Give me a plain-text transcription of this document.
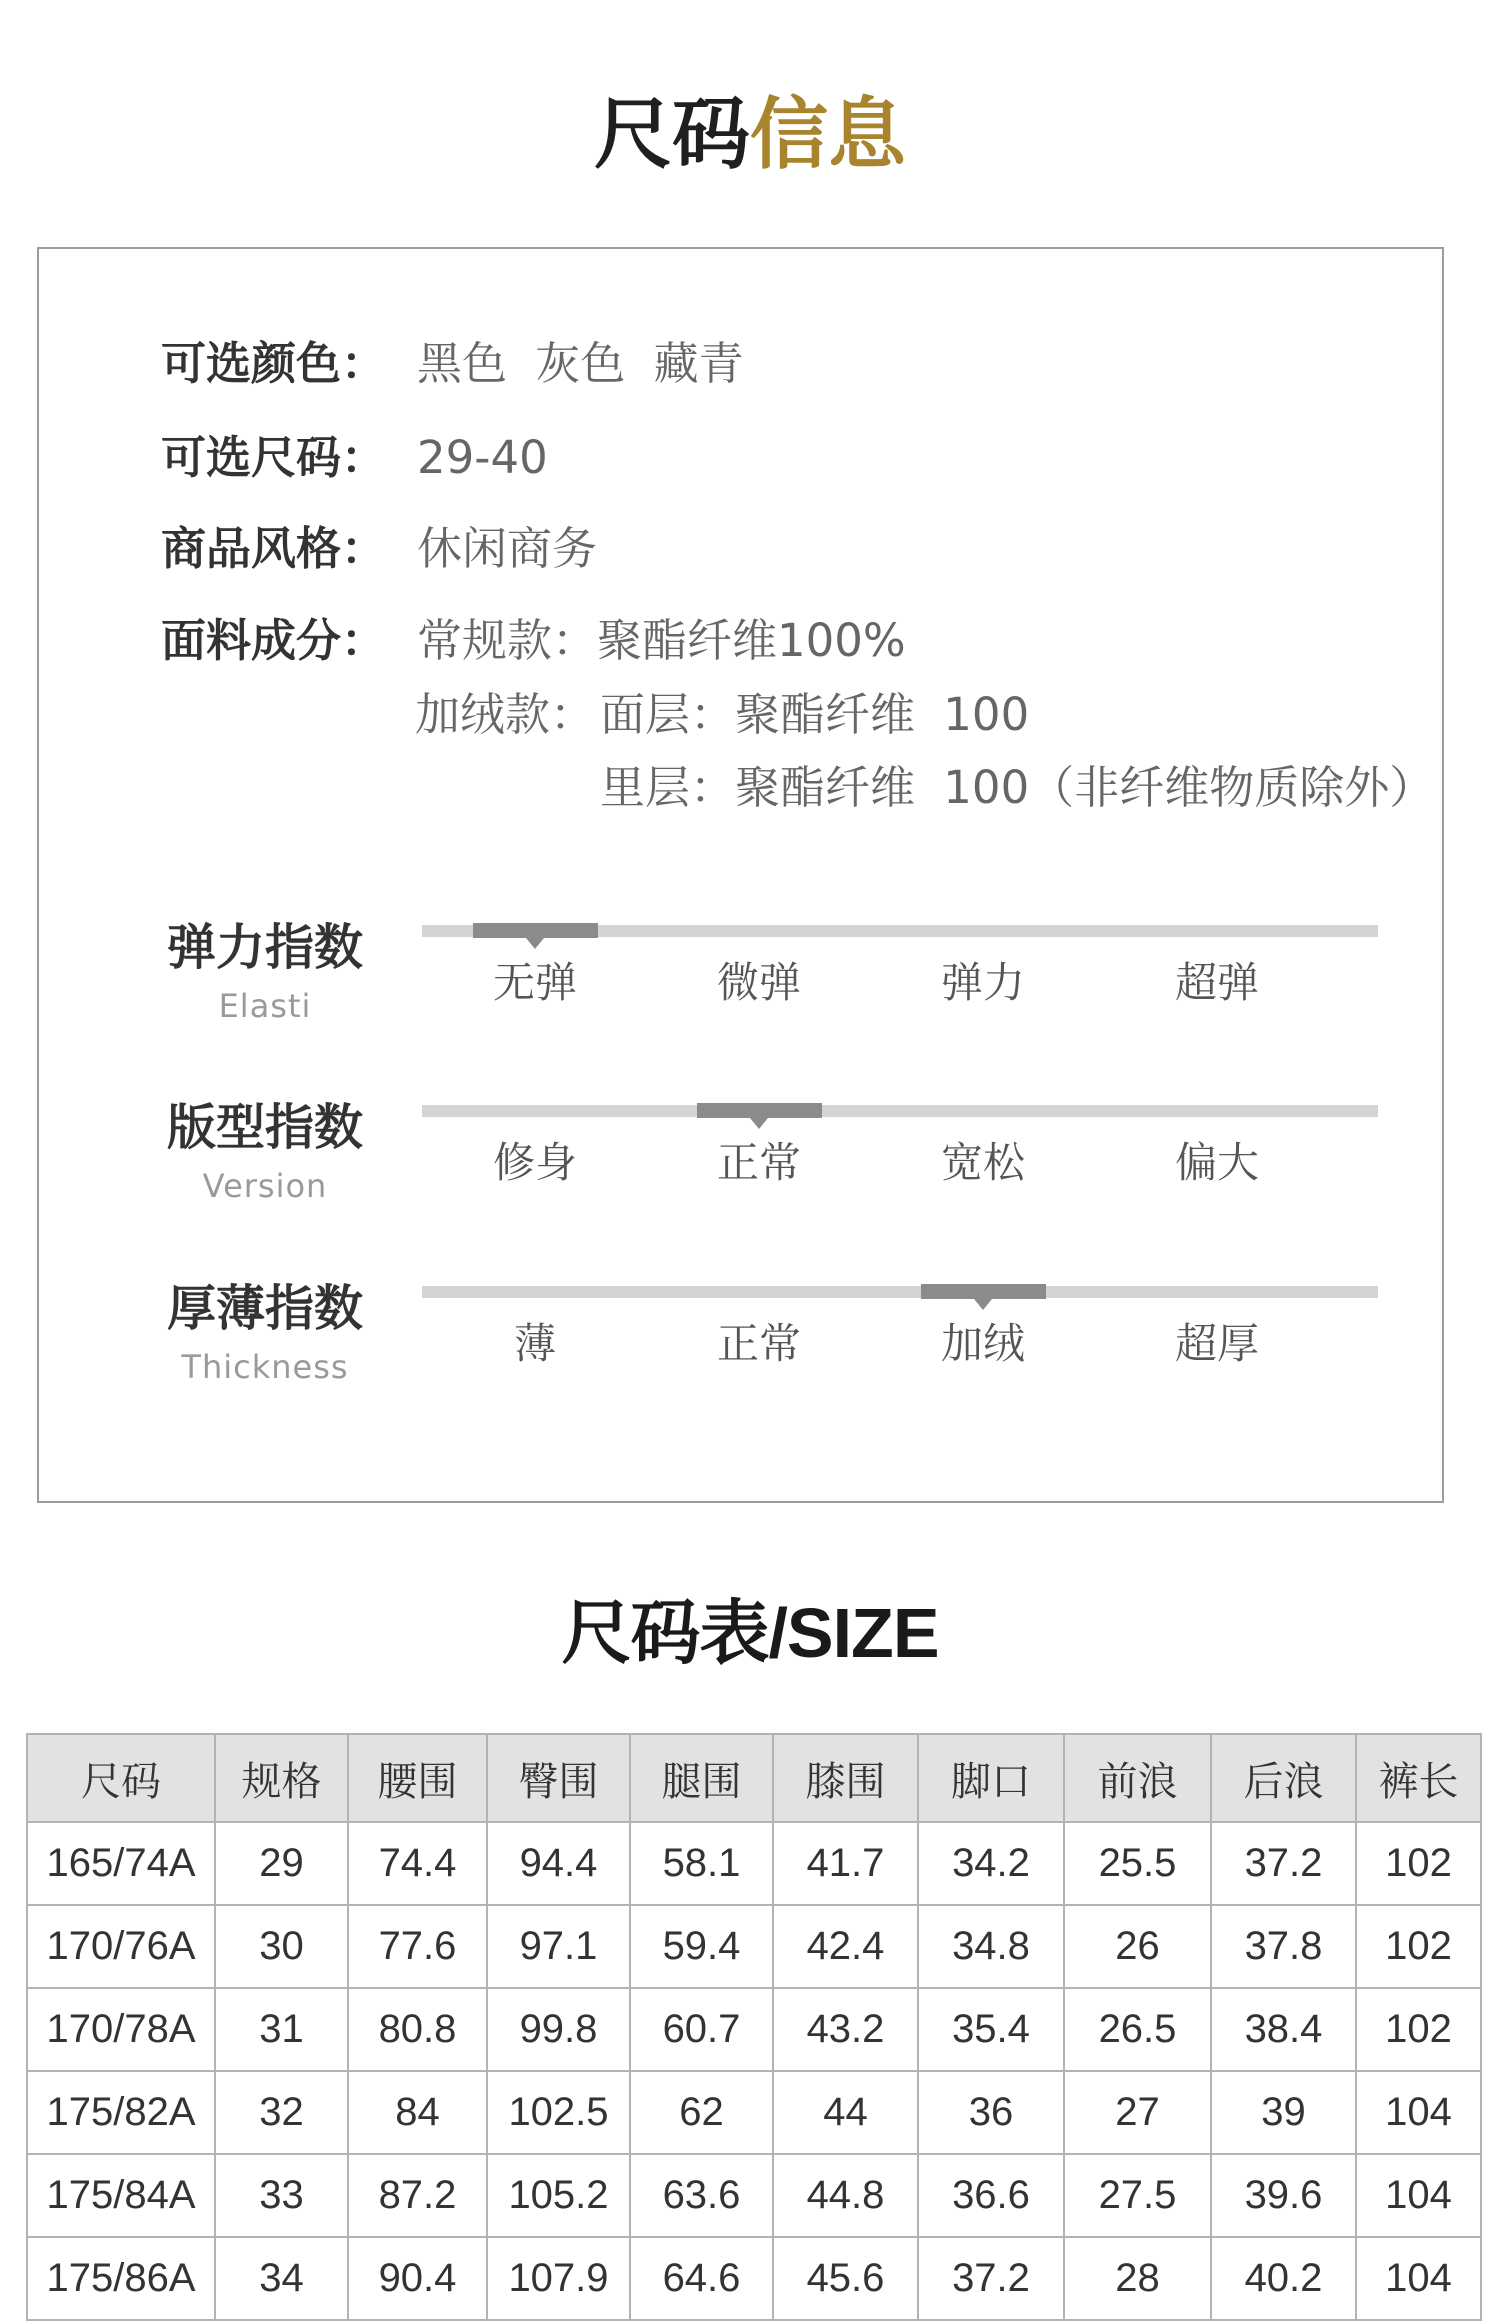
尺码信息
可选颜色： 黑色 灰色 藏青
可选尺码： 29-40
商品风格： 休闲商务
面料成分： 常规款：聚酯纤维100%
加绒款： 面层：聚酯纤维 100
里层：聚酯纤维 100（非纤维物质除外）
弹力指数
Elasti	无弹	微弹	弹力	超弹
版型指数
Version	修身	正常	宽松	偏大
厚薄指数
Thickness	薄	正常	加绒	超厚
尺码表/SIZE
尺码	规格	腰围	臀围	腿围	膝围	脚口	前浪	后浪	裤长
165/74A	29	74.4	94.4	58.1	41.7	34.2	25.5	37.2	102
170/76A	30	77.6	97.1	59.4	42.4	34.8	26	37.8	102
170/78A	31	80.8	99.8	60.7	43.2	35.4	26.5	38.4	102
175/82A	32	84	102.5	62	44	36	27	39	104
175/84A	33	87.2	105.2	63.6	44.8	36.6	27.5	39.6	104
175/86A	34	90.4	107.9	64.6	45.6	37.2	28	40.2	104
